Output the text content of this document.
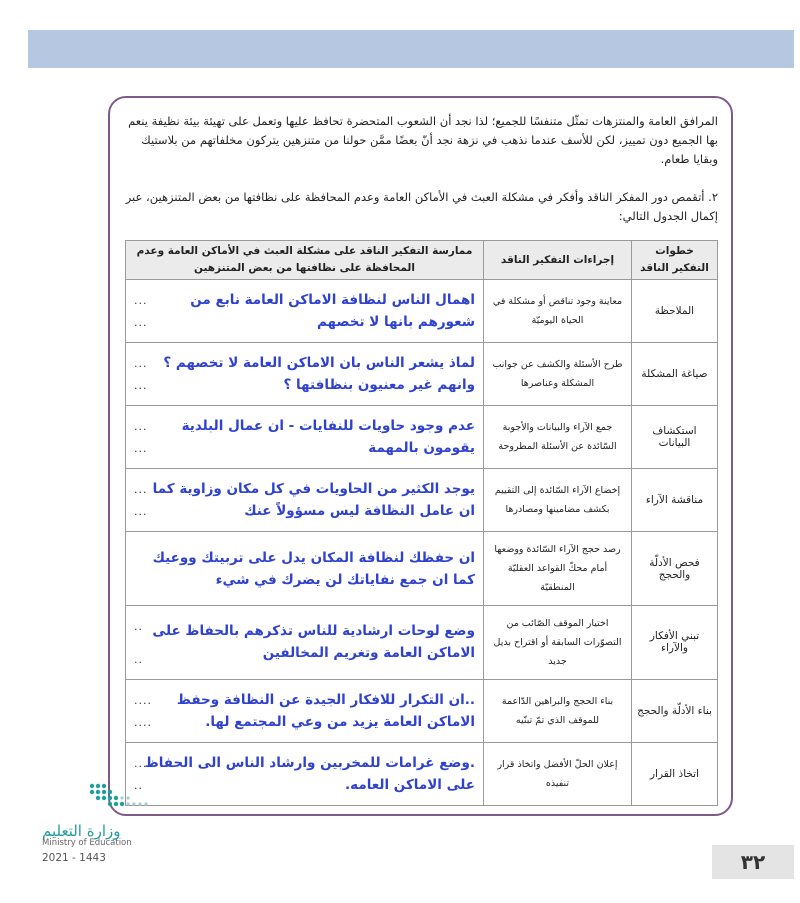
المرافق العامة والمنتزهات تمثّل متنفسًا للجميع؛ لذا نجد أن الشعوب المتحضرة تحافظ عليها وتعمل على تهيئة بيئة نظيفة ينعم بها الجميع دون تمييز، لكن للأسف عندما نذهب في نزهة نجد أنّ بعضًا ممَّن حولنا من متنزهين يتركون مخلفاتهم من بلاستيك وبقايا طعام.
٢. أتقمص دور المفكر الناقد وأفكر في مشكلة العبث في الأماكن العامة وعدم المحافظة على نظافتها من بعض المتنزهين، عبر إكمال الجدول التالي:
خطوات التفكير الناقد	إجراءات التفكير الناقد	ممارسة التفكير الناقد على مشكلة العبث في الأماكن العامة وعدم المحافظة على نظافتها من بعض المتنزهين
الملاحظة	معاينة وجود تناقض أو مشكلة في الحياة اليوميّة	اهمال الناس لنظافة الاماكن العامة نابع من شعورهم بانها لا تخصهم
...
...

صياغة المشكلة	طرح الأسئلة والكشف عن جوانب المشكلة وعناصرها	لماذ يشعر الناس بان الاماكن العامة لا تخصهم ؟ وانهم غير معنيون بنظافتها ؟
...
...

استكشاف البيانات	جمع الآراء والبيانات والأجوبة السّائدة عن الأسئلة المطروحة	عدم وجود حاويات للنفايات - ان عمال البلدية يقومون بالمهمة
...
...

مناقشة الآراء	إخضاع الآراء السّائدة إلى التقييم بكشف مضامينها ومصادرها	يوجد الكثير من الحاويات في كل مكان وزاوية كما ان عامل النظافة ليس مسؤولاً عنك
...
...

فحص الأدلّة والحجج	رصد حجج الآراء السّائدة ووضعها أمام محكّ القواعد العقليّة المنطقيّة	ان حفظك لنظافة المكان يدل على تربيتك ووعيك كما ان جمع نفاياتك لن يضرك في شيء

تبني الأفكار والآراء	اختيار الموقف الصّائب من التصوّرات السابقة أو اقتراح بديل جديد	وضع لوحات ارشادية للناس تذكرهم بالحفاظ على الاماكن العامة وتغريم المخالفين
..
..

بناء الأدلّة والحجج	بناء الحجج والبراهين الدّاعمة للموقف الذي تمّ تبنّيه	..ان التكرار للافكار الجيدة عن النظافة وحفظ الاماكن العامة يزيد من وعي المجتمع لها.
....
....

اتخاذ القرار	إعلان الحلّ الأفضل واتخاذ قرار تنفيذه	.وضع غرامات للمخربين وارشاد الناس الى الحفاظ على الاماكن العامه.
...
..
وزارة التعليم
Ministry of Education
2021 - 1443	٣٢
